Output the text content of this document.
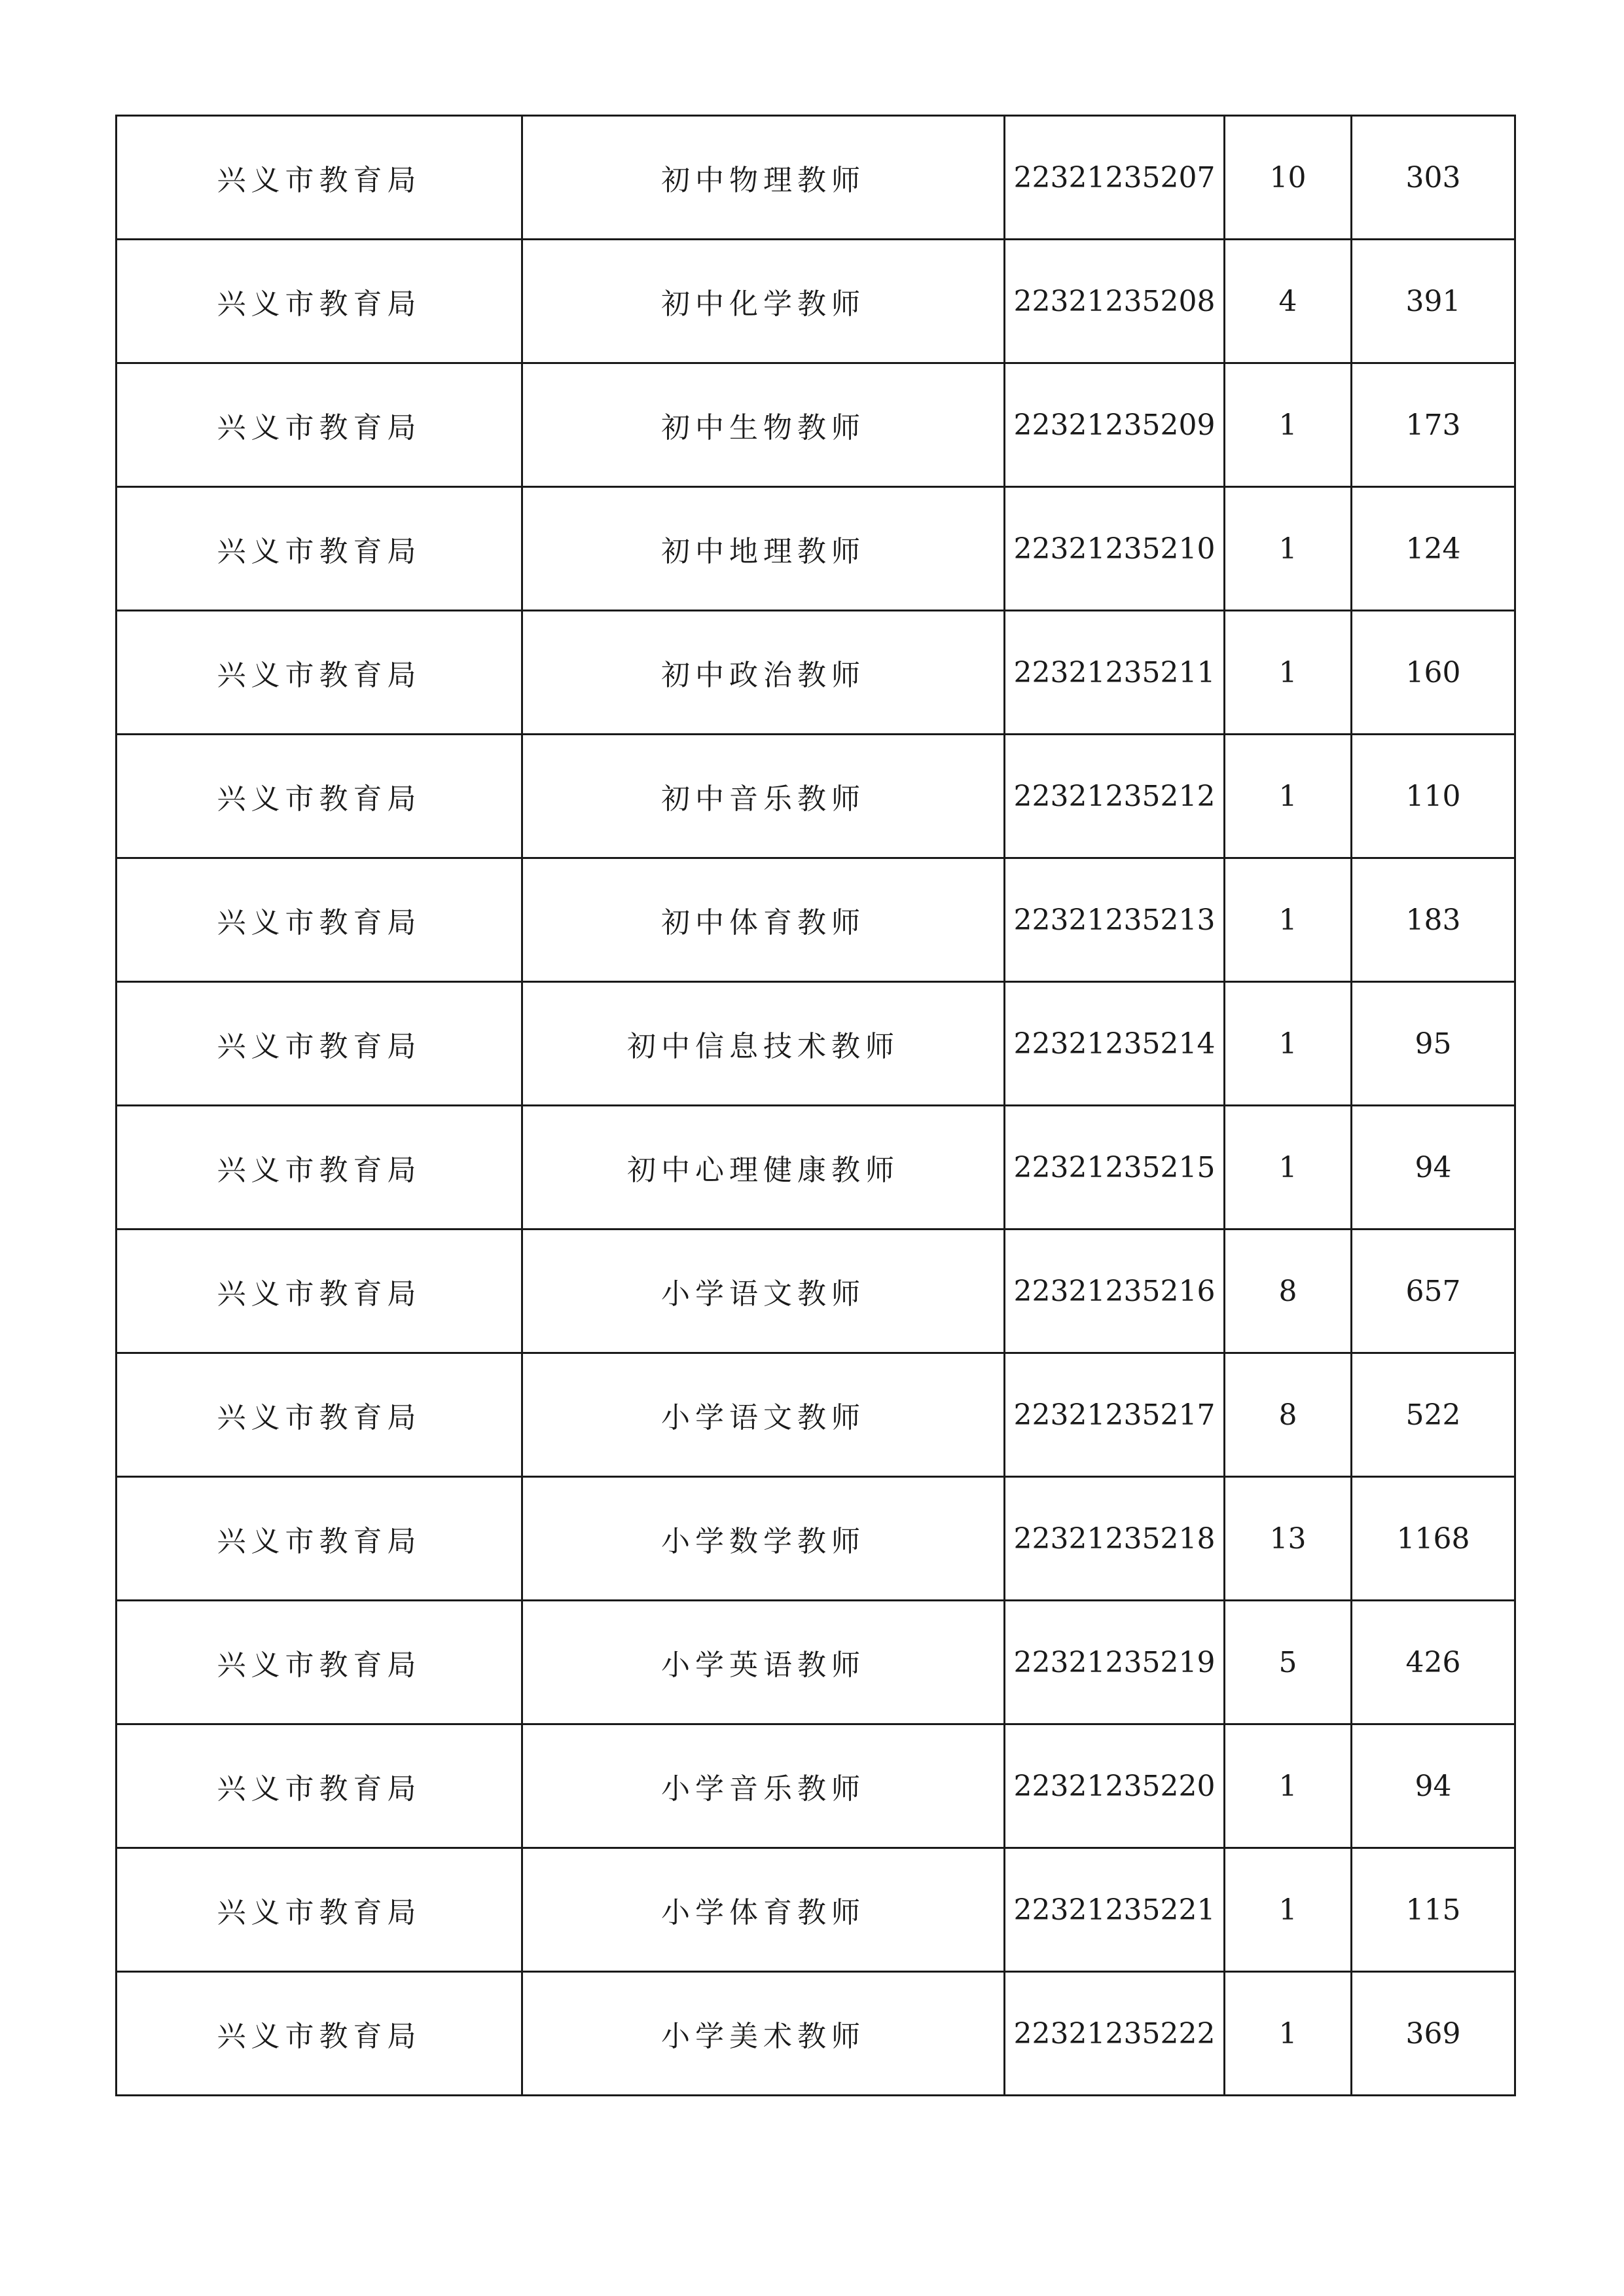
兴义市教育局	初中物理教师	22321235207	10	303
兴义市教育局	初中化学教师	22321235208	4	391
兴义市教育局	初中生物教师	22321235209	1	173
兴义市教育局	初中地理教师	22321235210	1	124
兴义市教育局	初中政治教师	22321235211	1	160
兴义市教育局	初中音乐教师	22321235212	1	110
兴义市教育局	初中体育教师	22321235213	1	183
兴义市教育局	初中信息技术教师	22321235214	1	95
兴义市教育局	初中心理健康教师	22321235215	1	94
兴义市教育局	小学语文教师	22321235216	8	657
兴义市教育局	小学语文教师	22321235217	8	522
兴义市教育局	小学数学教师	22321235218	13	1168
兴义市教育局	小学英语教师	22321235219	5	426
兴义市教育局	小学音乐教师	22321235220	1	94
兴义市教育局	小学体育教师	22321235221	1	115
兴义市教育局	小学美术教师	22321235222	1	369
